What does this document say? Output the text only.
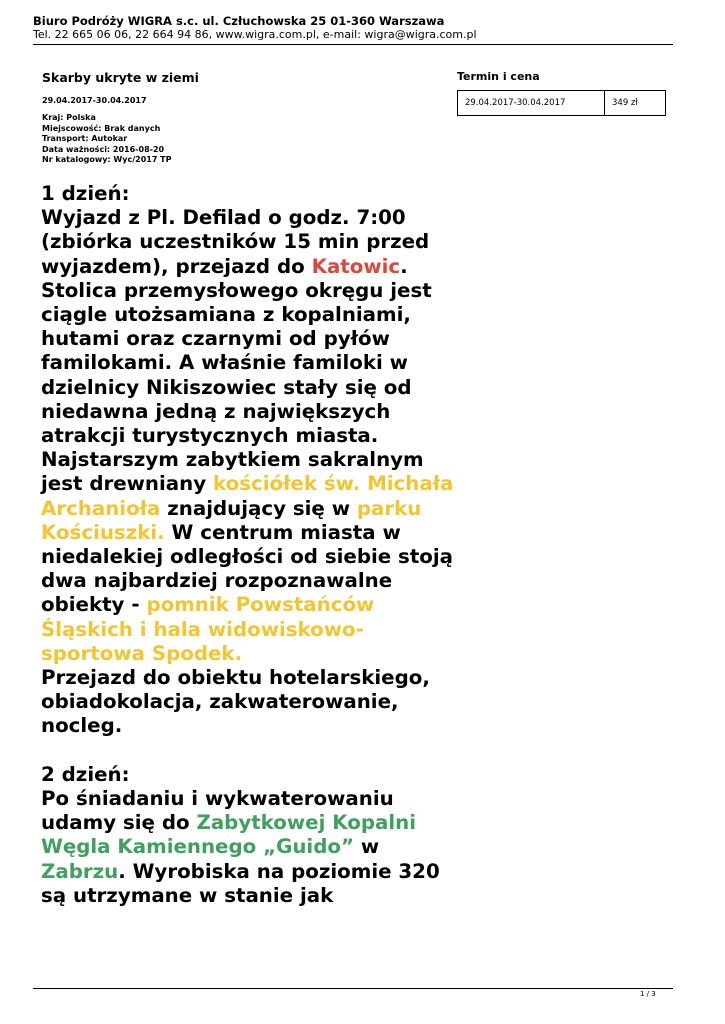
Biuro Podróży WIGRA s.c. ul. Człuchowska 25 01-360 Warszawa
Tel. 22 665 06 06, 22 664 94 86, www.wigra.com.pl, e-mail: wigra@wigra.com.pl
Skarby ukryte w ziemi
29.04.2017-30.04.2017
Kraj: Polska
Miejscowość: Brak danych
Transport: Autokar
Data ważności: 2016-08-20
Nr katalogowy: Wyc/2017 TP
Termin i cena
29.04.2017-30.04.2017	349 zł

1 dzień:

Wyjazd z Pl. Defilad o godz. 7:00 (zbiórka uczestników 15 min przed wyjazdem), przejazd do Katowic. Stolica przemysłowego okręgu jest ciągle utożsamiana z kopalniami, hutami oraz czarnymi od pyłów familokami. A właśnie familoki w dzielnicy Nikiszowiec stały się od niedawna jedną z największych atrakcji turystycznych miasta. Najstarszym zabytkiem sakralnym jest drewniany kościółek św. Michała Archanioła znajdujący się w parku Kościuszki. W centrum miasta w niedalekiej odległości od siebie stoją dwa najbardziej rozpoznawalne obiekty - pomnik Powstańców Śląskich i hala widowiskowo-sportowa Spodek.

Przejazd do obiektu hotelarskiego, obiadokolacja, zakwaterowanie, nocleg.

2 dzień:

Po śniadaniu i wykwaterowaniu udamy się do Zabytkowej Kopalni Węgla Kamiennego „Guido” w Zabrzu. Wyrobiska na poziomie 320 są utrzymane w stanie jak

1 / 3
